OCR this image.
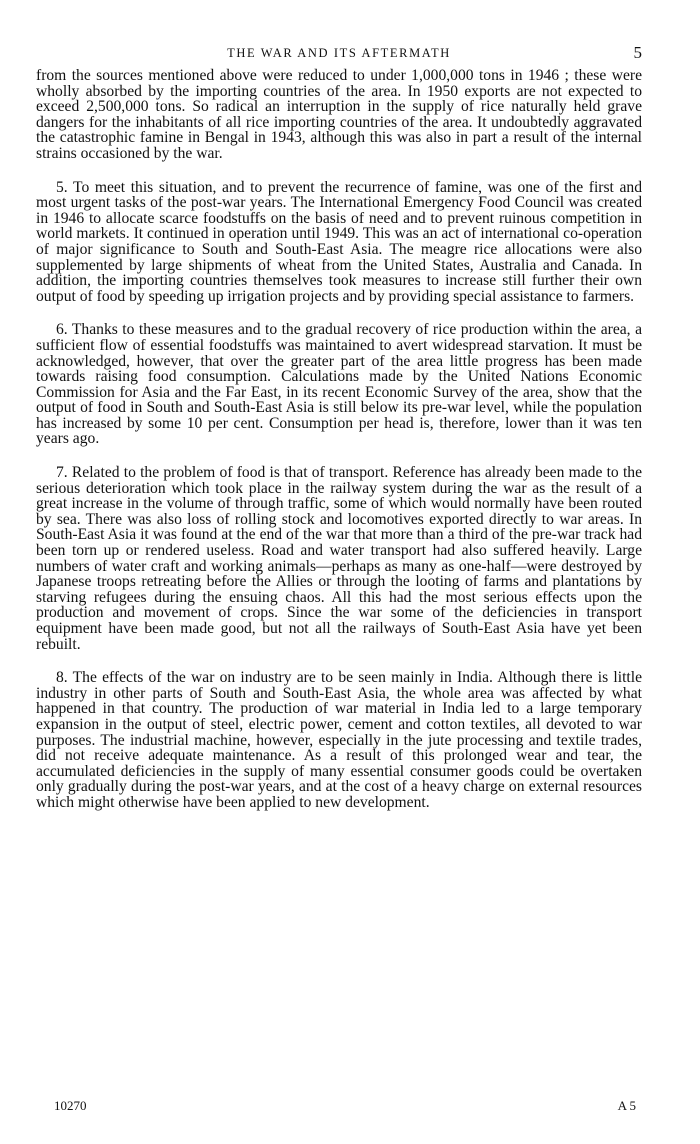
THE WAR AND ITS AFTERMATH	5

from the sources mentioned above were reduced to under 1,000,000 tons in 1946 ; these were wholly absorbed by the importing countries of the area. In 1950 exports are not expected to exceed 2,500,000 tons. So radical an interruption in the supply of rice naturally held grave dangers for the inhabitants of all rice importing countries of the area. It undoubtedly aggravated the catastrophic famine in Bengal in 1943, although this was also in part a result of the internal strains occasioned by the war.

5. To meet this situation, and to prevent the recurrence of famine, was one of the first and most urgent tasks of the post-war years. The International Emergency Food Council was created in 1946 to allocate scarce foodstuffs on the basis of need and to prevent ruinous competition in world markets. It continued in operation until 1949. This was an act of international co-operation of major significance to South and South-East Asia. The meagre rice allocations were also supplemented by large shipments of wheat from the United States, Australia and Canada. In addition, the importing countries themselves took measures to increase still further their own output of food by speeding up irrigation projects and by providing special assistance to farmers.

6. Thanks to these measures and to the gradual recovery of rice production within the area, a sufficient flow of essential foodstuffs was maintained to avert widespread starvation. It must be acknowledged, however, that over the greater part of the area little progress has been made towards raising food consumption. Calculations made by the United Nations Economic Commission for Asia and the Far East, in its recent Economic Survey of the area, show that the output of food in South and South-East Asia is still below its pre-war level, while the population has increased by some 10 per cent. Consumption per head is, therefore, lower than it was ten years ago.

7. Related to the problem of food is that of transport. Reference has already been made to the serious deterioration which took place in the railway system during the war as the result of a great increase in the volume of through traffic, some of which would normally have been routed by sea. There was also loss of rolling stock and locomotives exported directly to war areas. In South-East Asia it was found at the end of the war that more than a third of the pre-war track had been torn up or rendered useless. Road and water transport had also suffered heavily. Large numbers of water craft and working animals—perhaps as many as one-half—were destroyed by Japanese troops retreating before the Allies or through the looting of farms and plantations by starving refugees during the ensuing chaos. All this had the most serious effects upon the production and movement of crops. Since the war some of the deficiencies in transport equipment have been made good, but not all the railways of South-East Asia have yet been rebuilt.

8. The effects of the war on industry are to be seen mainly in India. Although there is little industry in other parts of South and South-East Asia, the whole area was affected by what happened in that country. The production of war material in India led to a large temporary expansion in the output of steel, electric power, cement and cotton textiles, all devoted to war purposes. The industrial machine, however, especially in the jute processing and textile trades, did not receive adequate maintenance. As a result of this prolonged wear and tear, the accumulated deficiencies in the supply of many essential consumer goods could be overtaken only gradually during the post-war years, and at the cost of a heavy charge on external resources which might otherwise have been applied to new development.

10270	A 5
